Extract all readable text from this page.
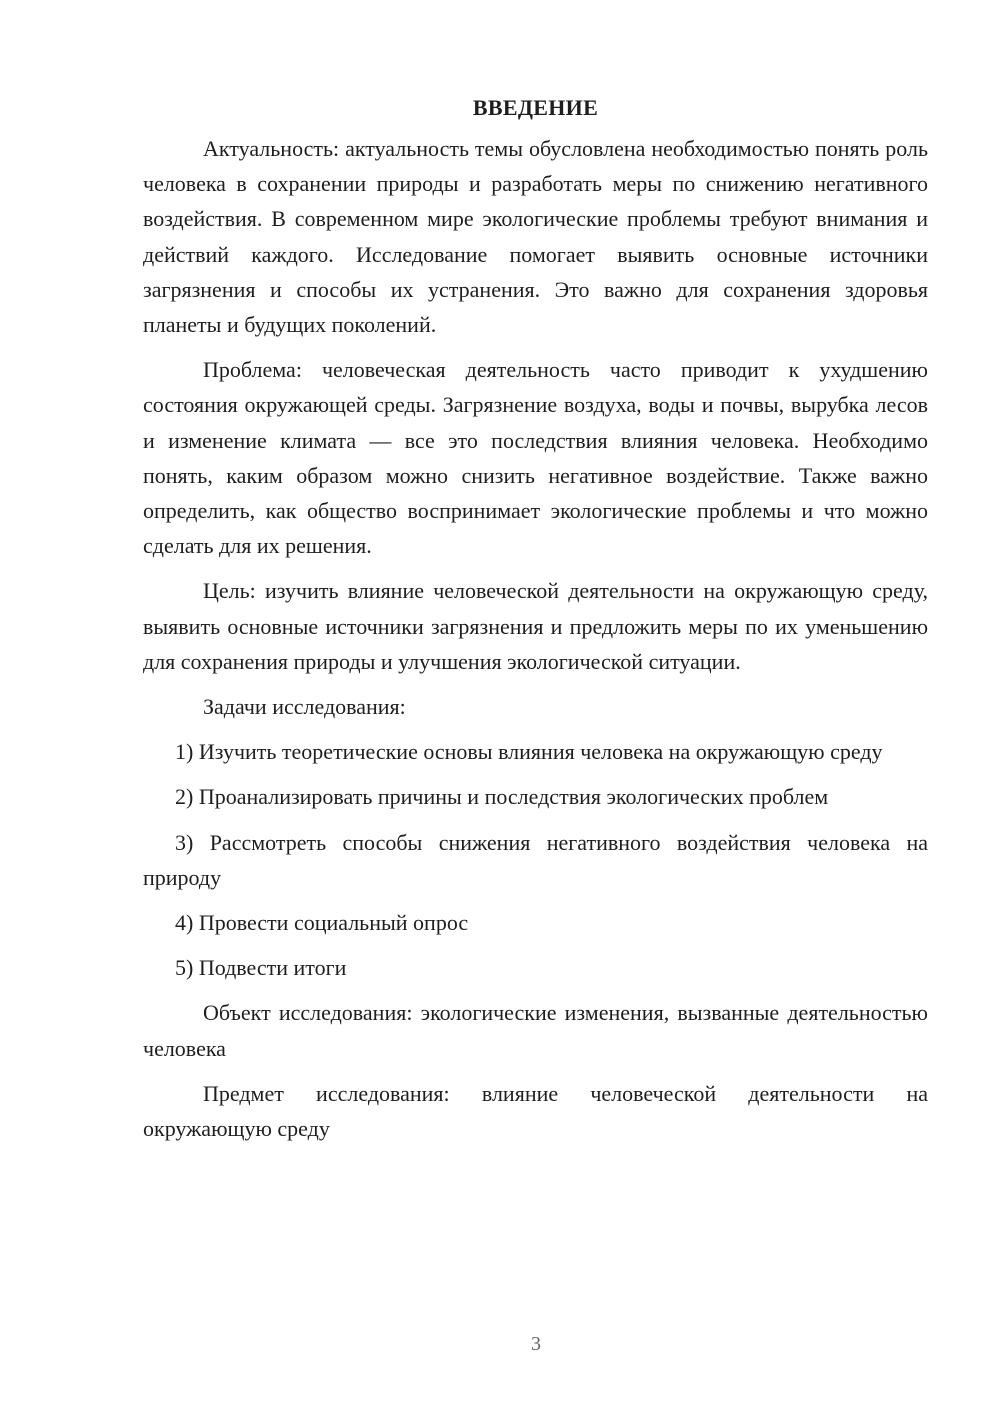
ВВЕДЕНИЕ

Актуальность: актуальность темы обусловлена необходимостью понять роль человека в сохранении природы и разработать меры по снижению негативного воздействия. В современном мире экологические проблемы требуют внимания и действий каждого. Исследование помогает выявить основные источники загрязнения и способы их устранения. Это важно для сохранения здоровья планеты и будущих поколений.

Проблема: человеческая деятельность часто приводит к ухудшению состояния окружающей среды. Загрязнение воздуха, воды и почвы, вырубка лесов и изменение климата — все это последствия влияния человека. Необходимо понять, каким образом можно снизить негативное воздействие. Также важно определить, как общество воспринимает экологические проблемы и что можно сделать для их решения.

Цель: изучить влияние человеческой деятельности на окружающую среду, выявить основные источники загрязнения и предложить меры по их уменьшению для сохранения природы и улучшения экологической ситуации.

Задачи исследования:

1) Изучить теоретические основы влияния человека на окружающую среду

2) Проанализировать причины и последствия экологических проблем

3) Рассмотреть способы снижения негативного воздействия человека на природу

4) Провести социальный опрос

5) Подвести итоги

Объект исследования: экологические изменения, вызванные деятельностью человека

Предмет исследования: влияние человеческой деятельности на окружающую среду

3
